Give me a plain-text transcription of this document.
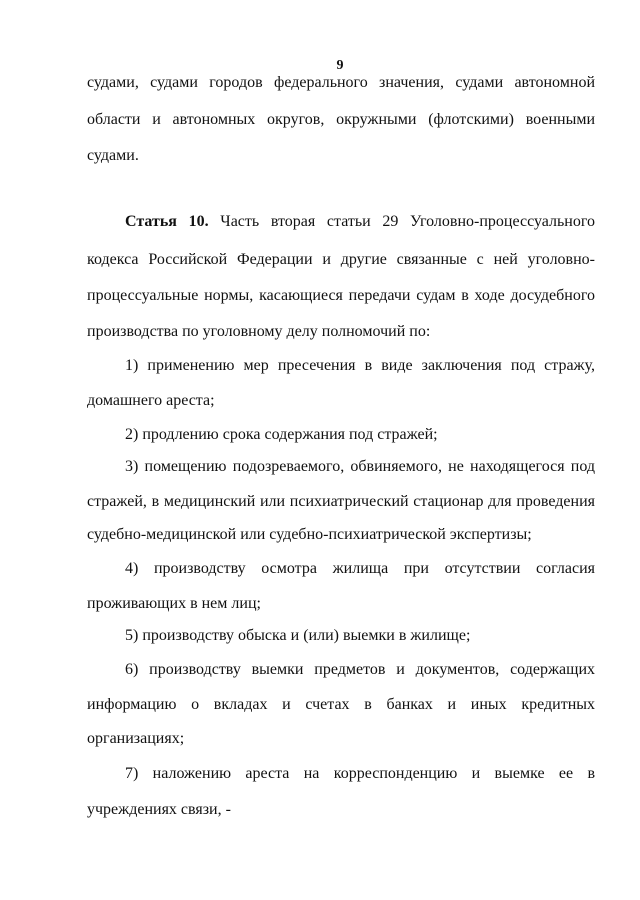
9
судами, судами городов федерального значения, судами автономной
области и автономных округов, окружными (флотскими) военными
судами.
Статья 10. Часть вторая статьи 29 Уголовно-процессуального
кодекса Российской Федерации и другие связанные с ней уголовно-
процессуальные нормы, касающиеся передачи судам в ходе досудебного
производства по уголовному делу полномочий по:
1) применению мер пресечения в виде заключения под стражу,
домашнего ареста;
2) продлению срока содержания под стражей;
3) помещению подозреваемого, обвиняемого, не находящегося под
стражей, в медицинский или психиатрический стационар для проведения
судебно-медицинской или судебно-психиатрической экспертизы;
4) производству осмотра жилища при отсутствии согласия
проживающих в нем лиц;
5) производству обыска и (или) выемки в жилище;
6) производству выемки предметов и документов, содержащих
информацию о вкладах и счетах в банках и иных кредитных
организациях;
7) наложению ареста на корреспонденцию и выемке ее в
учреждениях связи, -
